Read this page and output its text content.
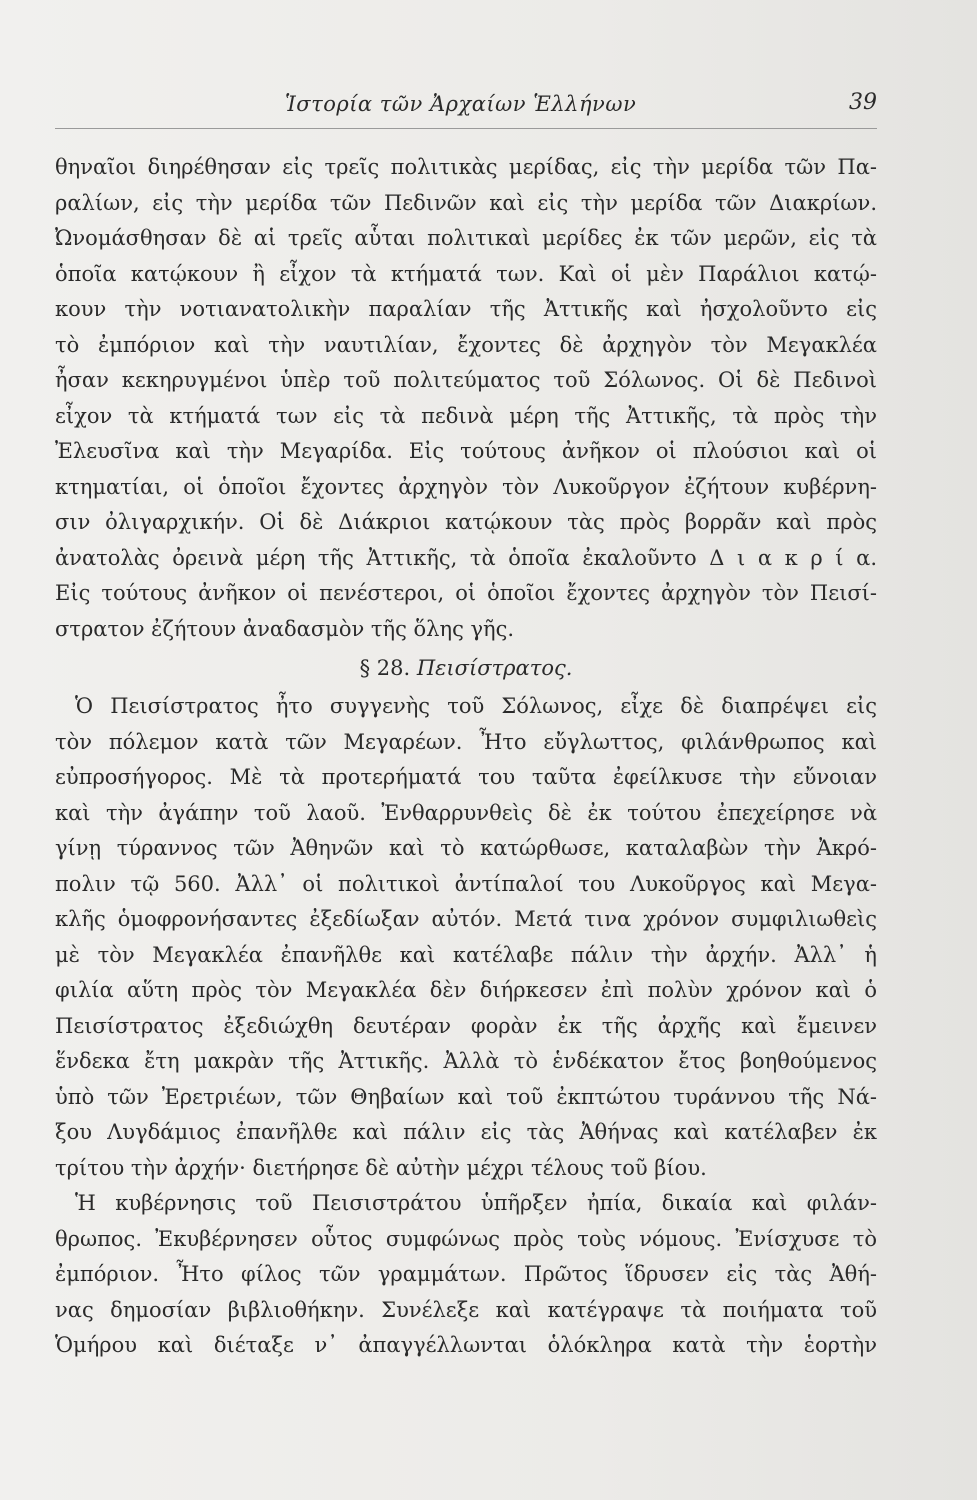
Ἱστορία τῶν Ἀρχαίων Ἑλλήνων	39
θηναῖοι διηρέθησαν εἰς τρεῖς πολιτικὰς μερίδας, εἰς τὴν μερίδα τῶν Πα-
ραλίων, εἰς τὴν μερίδα τῶν Πεδινῶν καὶ εἰς τὴν μερίδα τῶν Διακρίων.
Ὠνομάσθησαν δὲ αἱ τρεῖς αὗται πολιτικαὶ μερίδες ἐκ τῶν μερῶν, εἰς τὰ
ὁποῖα κατῴκουν ἢ εἶχον τὰ κτήματά των. Καὶ οἱ μὲν Παράλιοι κατῴ-
κουν τὴν νοτιανατολικὴν παραλίαν τῆς Ἀττικῆς καὶ ἠσχολοῦντο εἰς
τὸ ἐμπόριον καὶ τὴν ναυτιλίαν, ἔχοντες δὲ ἀρχηγὸν τὸν Μεγακλέα
ἦσαν κεκηρυγμένοι ὑπὲρ τοῦ πολιτεύματος τοῦ Σόλωνος. Οἱ δὲ Πεδινοὶ
εἶχον τὰ κτήματά των εἰς τὰ πεδινὰ μέρη τῆς Ἀττικῆς, τὰ πρὸς τὴν
Ἐλευσῖνα καὶ τὴν Μεγαρίδα. Εἰς τούτους ἀνῆκον οἱ πλούσιοι καὶ οἱ
κτηματίαι, οἱ ὁποῖοι ἔχοντες ἀρχηγὸν τὸν Λυκοῦργον ἐζήτουν κυβέρνη-
σιν ὀλιγαρχικήν. Οἱ δὲ Διάκριοι κατῴκουν τὰς πρὸς βορρᾶν καὶ πρὸς
ἀνατολὰς ὀρεινὰ μέρη τῆς Ἀττικῆς, τὰ ὁποῖα ἐκαλοῦντο Δ ι α κ ρ ί α.
Εἰς τούτους ἀνῆκον οἱ πενέστεροι, οἱ ὁποῖοι ἔχοντες ἀρχηγὸν τὸν Πεισί-
στρατον ἐζήτουν ἀναδασμὸν τῆς ὅλης γῆς.
§ 28. Πεισίστρατος.
Ὁ Πεισίστρατος ἦτο συγγενὴς τοῦ Σόλωνος, εἶχε δὲ διαπρέψει εἰς
τὸν πόλεμον κατὰ τῶν Μεγαρέων. Ἦτο εὔγλωττος, φιλάνθρωπος καὶ
εὐπροσήγορος. Μὲ τὰ προτερήματά του ταῦτα ἐφείλκυσε τὴν εὔνοιαν
καὶ τὴν ἀγάπην τοῦ λαοῦ. Ἐνθαρρυνθεὶς δὲ ἐκ τούτου ἐπεχείρησε νὰ
γίνῃ τύραννος τῶν Ἀθηνῶν καὶ τὸ κατώρθωσε, καταλαβὼν τὴν Ἀκρό-
πολιν τῷ 560. Ἀλλ᾽ οἱ πολιτικοὶ ἀντίπαλοί του Λυκοῦργος καὶ Μεγα-
κλῆς ὁμοφρονήσαντες ἐξεδίωξαν αὐτόν. Μετά τινα χρόνον συμφιλιωθεὶς
μὲ τὸν Μεγακλέα ἐπανῆλθε καὶ κατέλαβε πάλιν τὴν ἀρχήν. Ἀλλ᾽ ἡ
φιλία αὕτη πρὸς τὸν Μεγακλέα δὲν διήρκεσεν ἐπὶ πολὺν χρόνον καὶ ὁ
Πεισίστρατος ἐξεδιώχθη δευτέραν φορὰν ἐκ τῆς ἀρχῆς καὶ ἔμεινεν
ἕνδεκα ἔτη μακρὰν τῆς Ἀττικῆς. Ἀλλὰ τὸ ἑνδέκατον ἔτος βοηθούμενος
ὑπὸ τῶν Ἐρετριέων, τῶν Θηβαίων καὶ τοῦ ἐκπτώτου τυράννου τῆς Νά-
ξου Λυγδάμιος ἐπανῆλθε καὶ πάλιν εἰς τὰς Ἀθήνας καὶ κατέλαβεν ἐκ
τρίτου τὴν ἀρχήν· διετήρησε δὲ αὐτὴν μέχρι τέλους τοῦ βίου.
Ἡ κυβέρνησις τοῦ Πεισιστράτου ὑπῆρξεν ἠπία, δικαία καὶ φιλάν-
θρωπος. Ἐκυβέρνησεν οὗτος συμφώνως πρὸς τοὺς νόμους. Ἐνίσχυσε τὸ
ἐμπόριον. Ἦτο φίλος τῶν γραμμάτων. Πρῶτος ἵδρυσεν εἰς τὰς Ἀθή-
νας δημοσίαν βιβλιοθήκην. Συνέλεξε καὶ κατέγραψε τὰ ποιήματα τοῦ
Ὁμήρου καὶ διέταξε ν᾽ ἀπαγγέλλωνται ὁλόκληρα κατὰ τὴν ἑορτὴν
